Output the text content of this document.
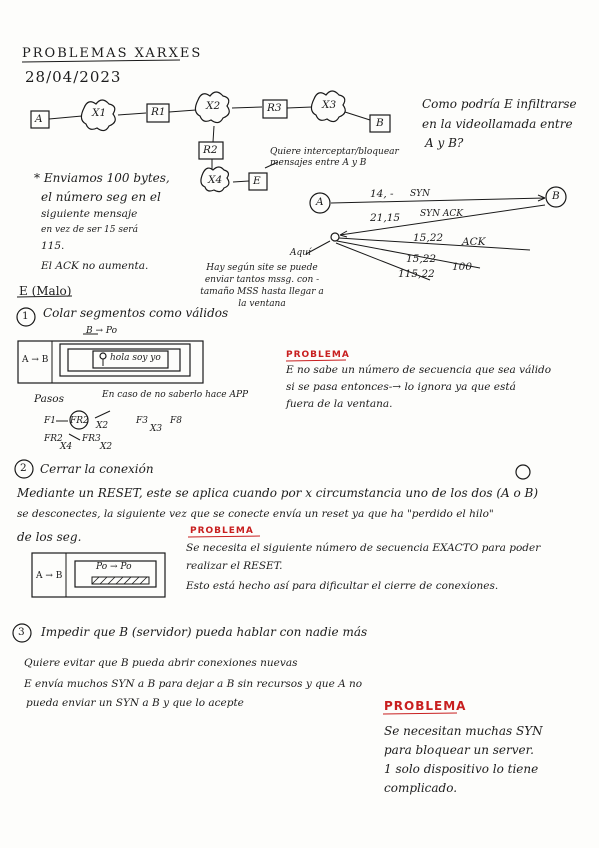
PROBLEMAS XARXES
28/04/2023
A	X1	R1	X2	R3	X3
B
R2
X4	E
Quiere interceptar/bloquear mensajes entre A y B
Como podría E infiltrarse
en la videollamada entre
A y B?
* Enviamos 100 bytes,
el número seg en el
siguiente mensaje
en vez de ser 15 será
115.
El ACK no aumenta.
A	B
14, - SYN
21,15 SYN ACK
15,22 ACK
15,22
100
115,22
Aquí
Hay según site se puede enviar tantos mssg. con -tamaño MSS hasta llegar a la ventana
E (Malo)
1 Colar segmentos como válidos
A → B
B → Po
hola soy yo
Pasos	En caso de no saberlo hace APP
F1 FR2 X2	F3 F8
X3
FR2 FR3
X4	X2
PROBLEMA
E no sabe un número de secuencia que sea válido
si se pasa entonces-→ lo ignora ya que está
fuera de la ventana.
2 Cerrar la conexión
Mediante un RESET, este se aplica cuando por x circumstancia uno de los dos (A o B)
se desconectes, la siguiente vez que se conecte envía un reset ya que ha "perdido el hilo"
de los seg.
A → B
Po → Po
PROBLEMA
Se necesita el siguiente número de secuencia EXACTO para poder
realizar el RESET.
Esto está hecho así para dificultar el cierre de conexiones.
3 Impedir que B (servidor) pueda hablar con nadie más
Quiere evitar que B pueda abrir conexiones nuevas
E envía muchos SYN a B para dejar a B sin recursos y que A no
pueda enviar un SYN a B y que lo acepte	PROBLEMA
Se necesitan muchas SYN
para bloquear un server.
1 solo dispositivo lo tiene
complicado.
